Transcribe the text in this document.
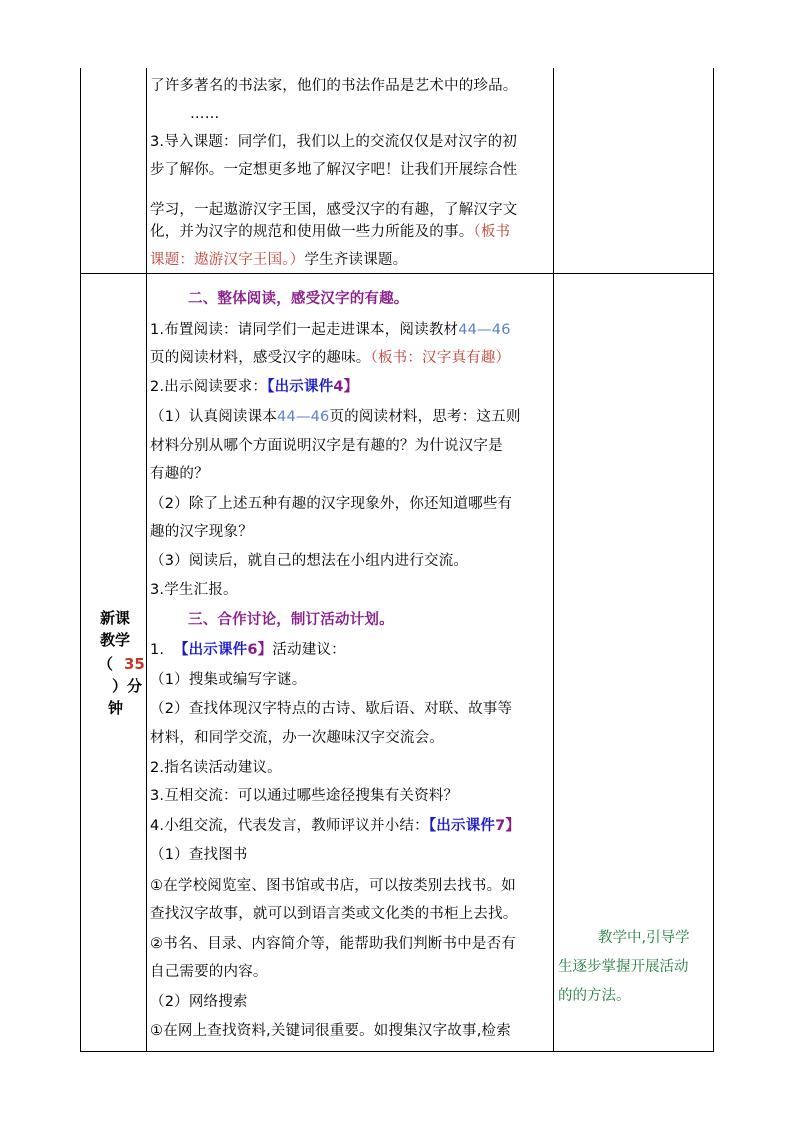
了许多著名的书法家，他们的书法作品是艺术中的珍品。
……
3.导入课题：同学们，我们以上的交流仅仅是对汉字的初
步了解你。一定想更多地了解汉字吧！让我们开展综合性
学习，一起遨游汉字王国，感受汉字的有趣，了解汉字文
化，并为汉字的规范和使用做一些力所能及的事。（板书
课题：遨游汉字王国。）学生齐读课题。
新课
教学
（ 35
）分
钟
二、整体阅读，感受汉字的有趣。
1.布置阅读：请同学们一起走进课本，阅读教材44—46
页的阅读材料，感受汉字的趣味。（板书：汉字真有趣）
2.出示阅读要求：【出示课件4】
（1）认真阅读课本44—46页的阅读材料，思考：这五则
材料分别从哪个方面说明汉字是有趣的？为什说汉字是
有趣的？
（2）除了上述五种有趣的汉字现象外，你还知道哪些有
趣的汉字现象？
（3）阅读后，就自己的想法在小组内进行交流。
3.学生汇报。
三、合作讨论，制订活动计划。
1. 【出示课件6】活动建议：
（1）搜集或编写字谜。
（2）查找体现汉字特点的古诗、歇后语、对联、故事等
材料，和同学交流，办一次趣味汉字交流会。
2.指名读活动建议。
3.互相交流：可以通过哪些途径搜集有关资料？
4.小组交流，代表发言，教师评议并小结：【出示课件7】
（1）查找图书
①在学校阅览室、图书馆或书店，可以按类别去找书。如
查找汉字故事，就可以到语言类或文化类的书柜上去找。
②书名、目录、内容简介等，能帮助我们判断书中是否有
自己需要的内容。
（2）网络搜索
①在网上查找资料,关键词很重要。如搜集汉字故事,检索
教学中,引导学
生逐步掌握开展活动
的的方法。
